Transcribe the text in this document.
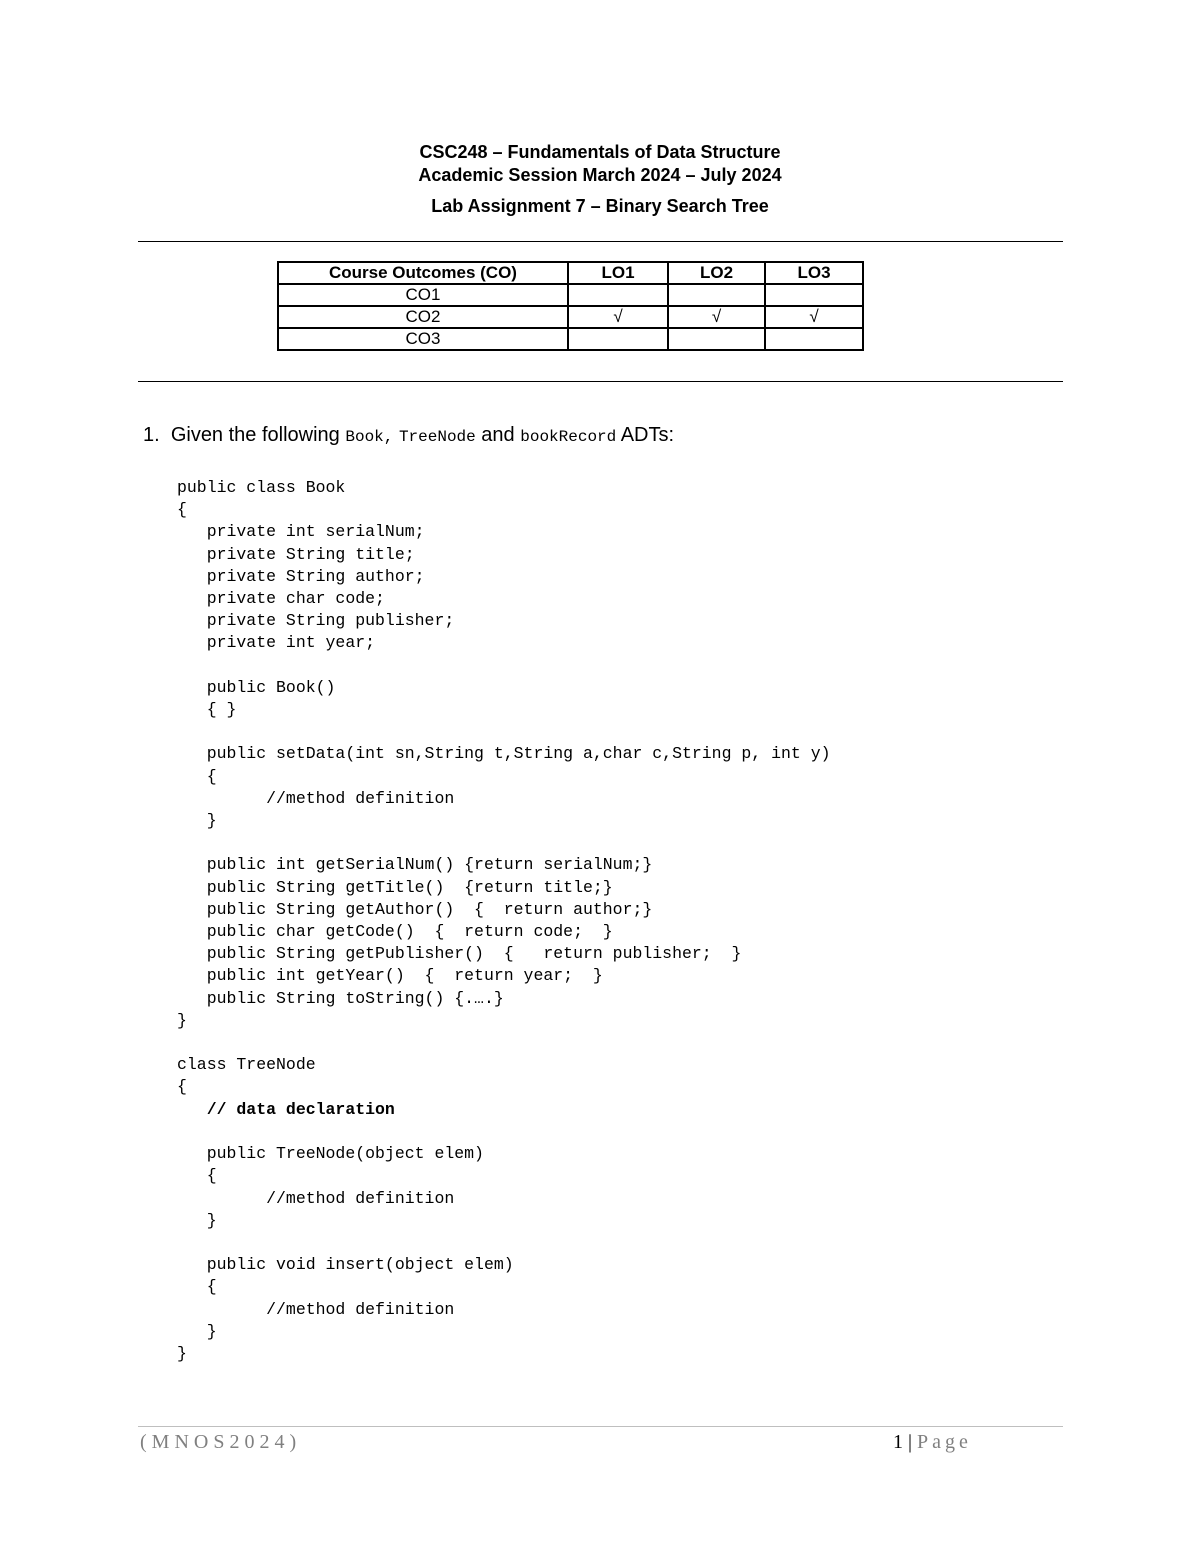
CSC248 – Fundamentals of Data Structure
Academic Session March 2024 – July 2024
Lab Assignment 7 – Binary Search Tree
Course Outcomes (CO)	LO1	LO2	LO3
CO1			
CO2	√	√	√
CO3			
1. Given the following Book, TreeNode and bookRecord ADTs:
public class Book
{
private int serialNum;
private String title;
private String author;
private char code;
private String publisher;
private int year;

public Book()
{ }

public setData(int sn,String t,String a,char c,String p, int y)
{
//method definition
}

public int getSerialNum() {return serialNum;}
public String getTitle()  {return title;}
public String getAuthor()  {  return author;}
public char getCode()  {  return code;  }
public String getPublisher()  {   return publisher;  }
public int getYear()  {  return year;  }
public String toString() {.….}
}

class TreeNode
{
// data declaration

public TreeNode(object elem)
{
//method definition
}

public void insert(object elem)
{
//method definition
}
}
(MNOS2024)	1 | Page
